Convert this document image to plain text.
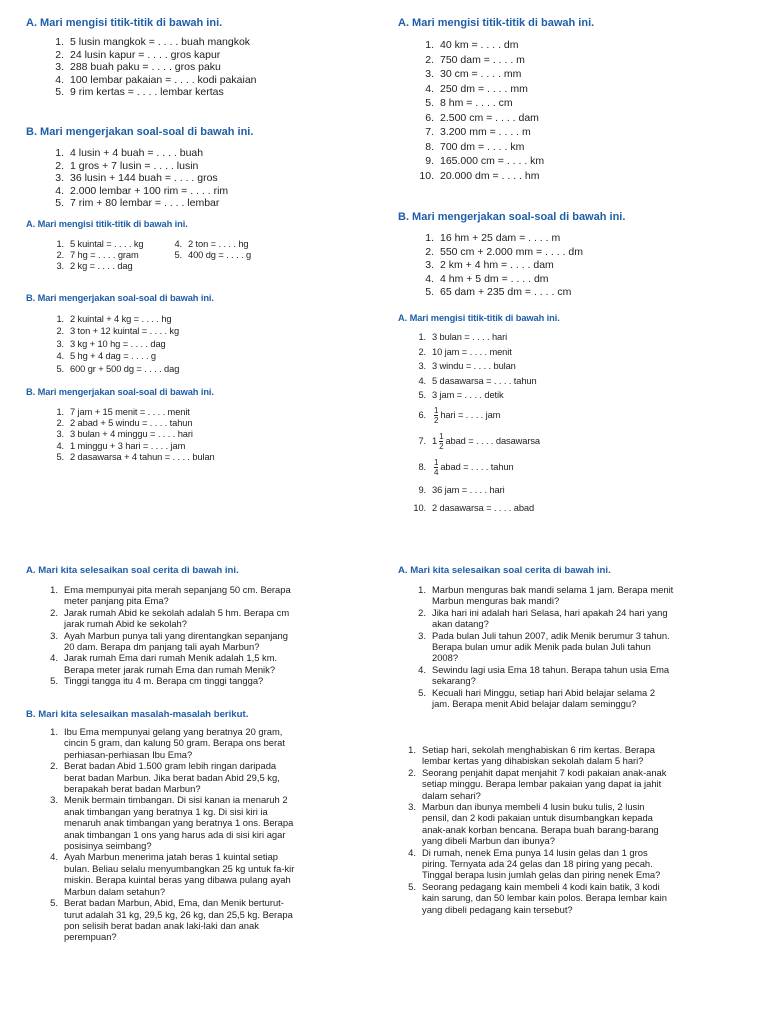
A. Mari mengisi titik-titik di bawah ini.
1. 5 lusin mangkok = . . . . buah mangkok
2. 24 lusin kapur = . . . . gros kapur
3. 288 buah paku = . . . . gros paku
4. 100 lembar pakaian = . . . . kodi pakaian
5. 9 rim kertas = . . . . lembar kertas
B. Mari mengerjakan soal-soal di bawah ini.
1. 4 lusin + 4 buah = . . . . buah
2. 1 gros + 7 lusin = . . . . lusin
3. 36 lusin + 144 buah = . . . . gros
4. 2.000 lembar + 100 rim = . . . . rim
5. 7 rim + 80 lembar = . . . . lembar
A. Mari mengisi titik-titik di bawah ini.
1. 5 kuintal = . . . . kg
2. 7 hg = . . . . gram
3. 2 kg = . . . . dag
4. 2 ton = . . . . hg
5. 400 dg = . . . . g
B. Mari mengerjakan soal-soal di bawah ini.
1. 2 kuintal + 4 kg = . . . . hg
2. 3 ton + 12 kuintal = . . . . kg
3. 3 kg + 10 hg = . . . . dag
4. 5 hg + 4 dag = . . . . g
5. 600 gr + 500 dg = . . . . dag
B. Mari mengerjakan soal-soal di bawah ini.
1. 7 jam + 15 menit = . . . . menit
2. 2 abad + 5 windu = . . . . tahun
3. 3 bulan + 4 minggu = . . . . hari
4. 1 minggu + 3 hari = . . . . jam
5. 2 dasawarsa + 4 tahun = . . . . bulan
A. Mari mengisi titik-titik di bawah ini.
1. 40 km = . . . . dm
2. 750 dam = . . . . m
3. 30 cm = . . . . mm
4. 250 dm = . . . . mm
5. 8 hm = . . . . cm
6. 2.500 cm = . . . . dam
7. 3.200 mm = . . . . m
8. 700 dm = . . . . km
9. 165.000 cm = . . . . km
10. 20.000 dm = . . . . hm
B. Mari mengerjakan soal-soal di bawah ini.
1. 16 hm + 25 dam = . . . . m
2. 550 cm + 2.000 mm = . . . . dm
3. 2 km + 4 hm = . . . . dam
4. 4 hm + 5 dm = . . . . dm
5. 65 dam + 235 dm = . . . . cm
A. Mari mengisi titik-titik di bawah ini.
1. 3 bulan = . . . . hari
2. 10 jam = . . . . menit
3. 3 windu = . . . . bulan
4. 5 dasawarsa = . . . . tahun
5. 3 jam = . . . . detik
6.	$\frac{1}{2}$ hari = . . . . jam
7. $1 \frac{1}{2}$ abad = . . . . dasawarsa
8.	$\frac{1}{4}$ abad = . . . . tahun
9. 36 jam = . . . . hari
10. 2 dasawarsa = . . . . abad
A. Mari kita selesaikan soal cerita di bawah ini.
1. Ema mempunyai pita merah sepanjang 50 cm. Berapa meter panjang pita Ema?
2. Jarak rumah Abid ke sekolah adalah 5 hm. Berapa cm jarak rumah Abid ke sekolah?
3. Ayah Marbun punya tali yang direntangkan sepanjang 20 dam. Berapa dm panjang tali ayah Marbun?
4. Jarak rumah Ema dari rumah Menik adalah 1,5 km. Berapa meter jarak rumah Ema dan rumah Menik?
5. Tinggi tangga itu 4 m. Berapa cm tinggi tangga?
B. Mari kita selesaikan masalah-masalah berikut.
1. Ibu Ema mempunyai gelang yang beratnya 20 gram, cincin 5 gram, dan kalung 50 gram. Berapa ons berat perhiasan-perhiasan Ibu Ema?
2. Berat badan Abid 1.500 gram lebih ringan daripada berat badan Marbun. Jika berat badan Abid 29,5 kg, berapakah berat badan Marbun?
3. Menik bermain timbangan. Di sisi kanan ia menaruh 2 anak timbangan yang beratnya 1 kg. Di sisi kiri ia menaruh anak timbangan yang beratnya 1 ons. Berapa anak timbangan 1 ons yang harus ada di sisi kiri agar posisinya seimbang?
4. Ayah Marbun menerima jatah beras 1 kuintal setiap bulan. Beliau selalu menyumbangkan 25 kg untuk fa-kir miskin. Berapa kuintal beras yang dibawa pulang ayah Marbun dalam setahun?
5. Berat badan Marbun, Abid, Ema, dan Menik berturut-turut adalah 31 kg, 29,5 kg, 26 kg, dan 25,5 kg. Berapa pon selisih berat badan anak laki-laki dan anak perempuan?
A. Mari kita selesaikan soal cerita di bawah ini.
1. Marbun menguras bak mandi selama 1 jam. Berapa menit Marbun menguras bak mandi?
2. Jika hari ini adalah hari Selasa, hari apakah 24 hari yang akan datang?
3. Pada bulan Juli tahun 2007, adik Menik berumur 3 tahun. Berapa bulan umur adik Menik pada bulan Juli tahun 2008?
4. Sewindu lagi usia Ema 18 tahun. Berapa tahun usia Ema sekarang?
5. Kecuali hari Minggu, setiap hari Abid belajar selama 2 jam. Berapa menit Abid belajar dalam seminggu?
1. Setiap hari, sekolah menghabiskan 6 rim kertas. Berapa lembar kertas yang dihabiskan sekolah dalam 5 hari?
2. Seorang penjahit dapat menjahit 7 kodi pakaian anak-anak setiap minggu. Berapa lembar pakaian yang dapat ia jahit dalam sehari?
3. Marbun dan ibunya membeli 4 lusin buku tulis, 2 lusin pensil, dan 2 kodi pakaian untuk disumbangkan kepada anak-anak korban bencana. Berapa buah barang-barang yang dibeli Marbun dan ibunya?
4. Di rumah, nenek Ema punya 14 lusin gelas dan 1 gros piring. Ternyata ada 24 gelas dan 18 piring yang pecah. Tinggal berapa lusin jumlah gelas dan piring nenek Ema?
5. Seorang pedagang kain membeli 4 kodi kain batik, 3 kodi kain sarung, dan 50 lembar kain polos. Berapa lembar kain yang dibeli pedagang kain tersebut?
